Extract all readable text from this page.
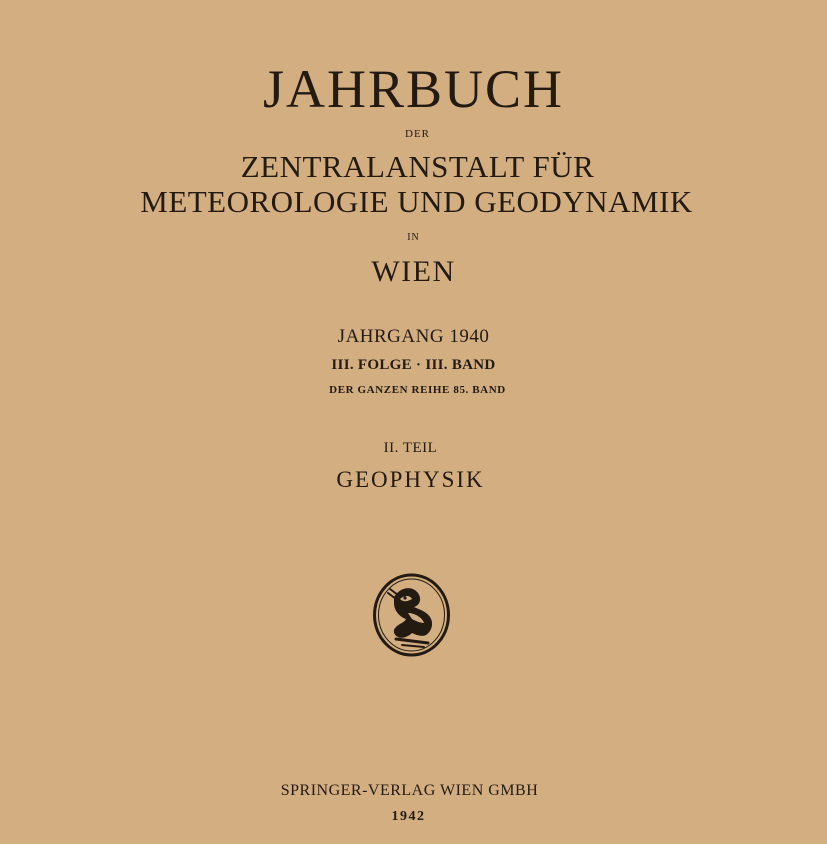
JAHRBUCH
DER
ZENTRALANSTALT FÜR
METEOROLOGIE UND GEODYNAMIK
IN
WIEN
JAHRGANG 1940
III. FOLGE · III. BAND
DER GANZEN REIHE 85. BAND
II. TEIL
GEOPHYSIK
SPRINGER-VERLAG WIEN GMBH
1942
